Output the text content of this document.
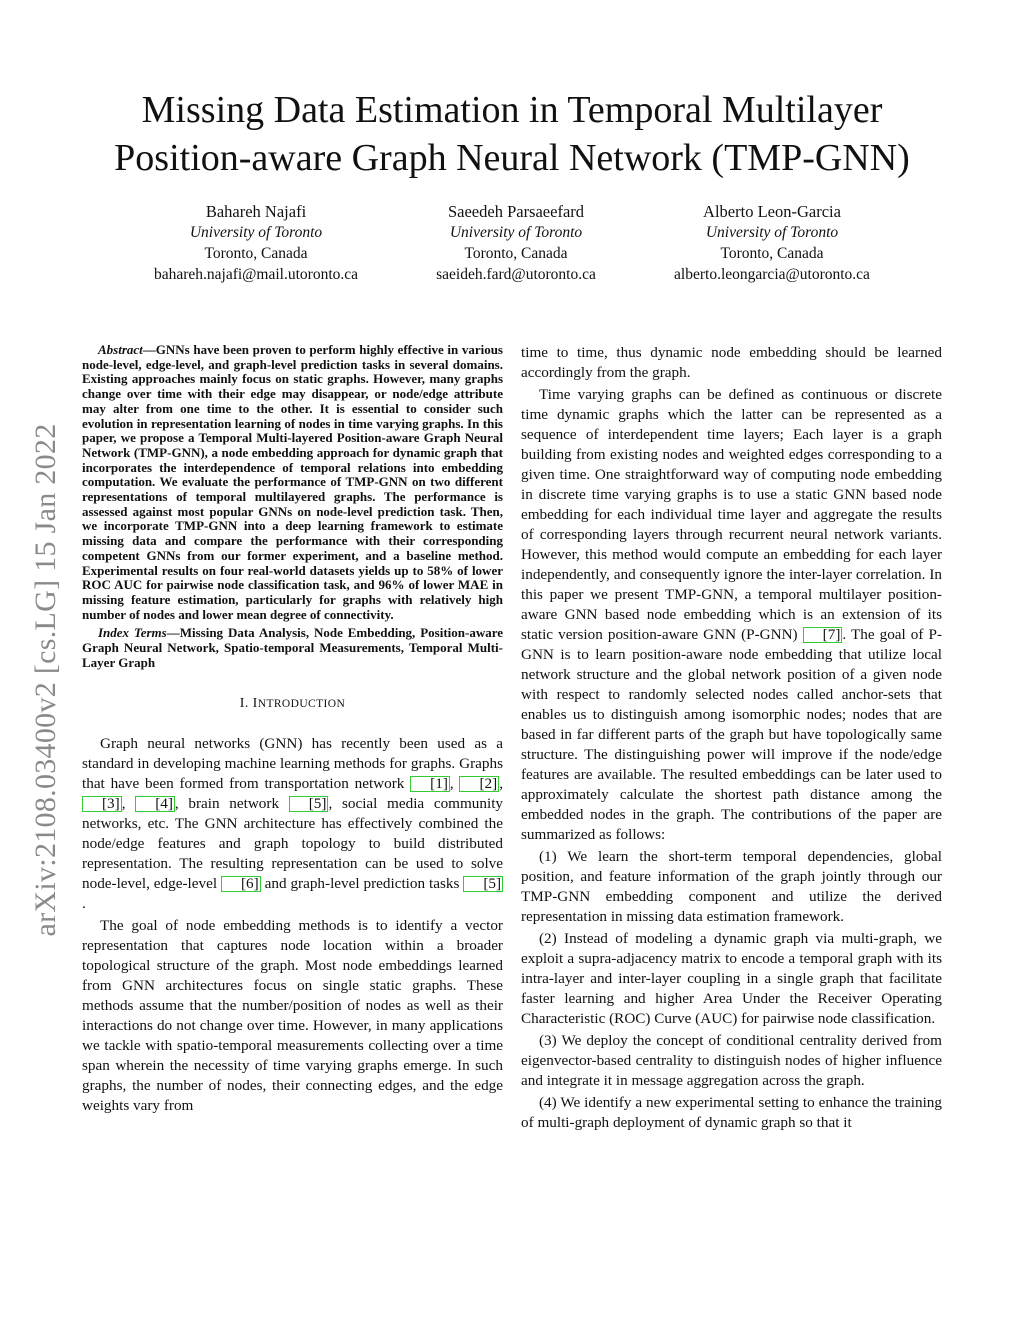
arXiv:2108.03400v2 [cs.LG] 15 Jan 2022
Missing Data Estimation in Temporal Multilayer
Position-aware Graph Neural Network (TMP-GNN)
Bahareh Najafi
University of Toronto
Toronto, Canada
bahareh.najafi@mail.utoronto.ca
Saeedeh Parsaeefard
University of Toronto
Toronto, Canada
saeideh.fard@utoronto.ca
Alberto Leon-Garcia
University of Toronto
Toronto, Canada
alberto.leongarcia@utoronto.ca

Abstract—GNNs have been proven to perform highly effective in various node-level, edge-level, and graph-level prediction tasks in several domains. Existing approaches mainly focus on static graphs. However, many graphs change over time with their edge may disappear, or node/edge attribute may alter from one time to the other. It is essential to consider such evolution in representation learning of nodes in time varying graphs. In this paper, we propose a Temporal Multi-layered Position-aware Graph Neural Network (TMP-GNN), a node embedding approach for dynamic graph that incorporates the interdependence of temporal relations into embedding computation. We evaluate the performance of TMP-GNN on two different representations of temporal multilayered graphs. The performance is assessed against most popular GNNs on node-level prediction task. Then, we incorporate TMP-GNN into a deep learning framework to estimate missing data and compare the performance with their corresponding competent GNNs from our former experiment, and a baseline method. Experimental results on four real-world datasets yields up to 58% of lower ROC AUC for pairwise node classification task, and 96% of lower MAE in missing feature estimation, particularly for graphs with relatively high number of nodes and lower mean degree of connectivity.

Index Terms—Missing Data Analysis, Node Embedding, Position-aware Graph Neural Network, Spatio-temporal Measurements, Temporal Multi-Layer Graph

I. INTRODUCTION

Graph neural networks (GNN) has recently been used as a standard in developing machine learning methods for graphs. Graphs that have been formed from transportation network [1] , [2] , [3] , [4] , brain network [5] , social media community networks, etc. The GNN architecture has effectively combined the node/edge features and graph topology to build distributed representation. The resulting representation can be used to solve node-level, edge-level [6] and graph-level prediction tasks [5].

The goal of node embedding methods is to identify a vector representation that captures node location within a broader topological structure of the graph. Most node embeddings learned from GNN architectures focus on single static graphs. These methods assume that the number/position of nodes as well as their interactions do not change over time. However, in many applications we tackle with spatio-temporal measurements collecting over a time span wherein the necessity of time varying graphs emerge. In such graphs, the number of nodes, their connecting edges, and the edge weights vary from

time to time, thus dynamic node embedding should be learned accordingly from the graph.

Time varying graphs can be defined as continuous or discrete time dynamic graphs which the latter can be represented as a sequence of interdependent time layers; Each layer is a graph building from existing nodes and weighted edges corresponding to a given time. One straightforward way of computing node embedding in discrete time varying graphs is to use a static GNN based node embedding for each individual time layer and aggregate the results of corresponding layers through recurrent neural network variants. However, this method would compute an embedding for each layer independently, and consequently ignore the inter-layer correlation. In this paper we present TMP-GNN, a temporal multilayer position-aware GNN based node embedding which is an extension of its static version position-aware GNN (P-GNN) [7] . The goal of P-GNN is to learn position-aware node embedding that utilize local network structure and the global network position of a given node with respect to randomly selected nodes called anchor-sets that enables us to distinguish among isomorphic nodes; nodes that are based in far different parts of the graph but have topologically same structure. The distinguishing power will improve if the node/edge features are available. The resulted embeddings can be later used to approximately calculate the shortest path distance among the embedded nodes in the graph. The contributions of the paper are summarized as follows:

(1) We learn the short-term temporal dependencies, global position, and feature information of the graph jointly through our TMP-GNN embedding component and utilize the derived representation in missing data estimation framework.

(2) Instead of modeling a dynamic graph via multi-graph, we exploit a supra-adjacency matrix to encode a temporal graph with its intra-layer and inter-layer coupling in a single graph that facilitate faster learning and higher Area Under the Receiver Operating Characteristic (ROC) Curve (AUC) for pairwise node classification.

(3) We deploy the concept of conditional centrality derived from eigenvector-based centrality to distinguish nodes of higher influence and integrate it in message aggregation across the graph.

(4) We identify a new experimental setting to enhance the training of multi-graph deployment of dynamic graph so that it
